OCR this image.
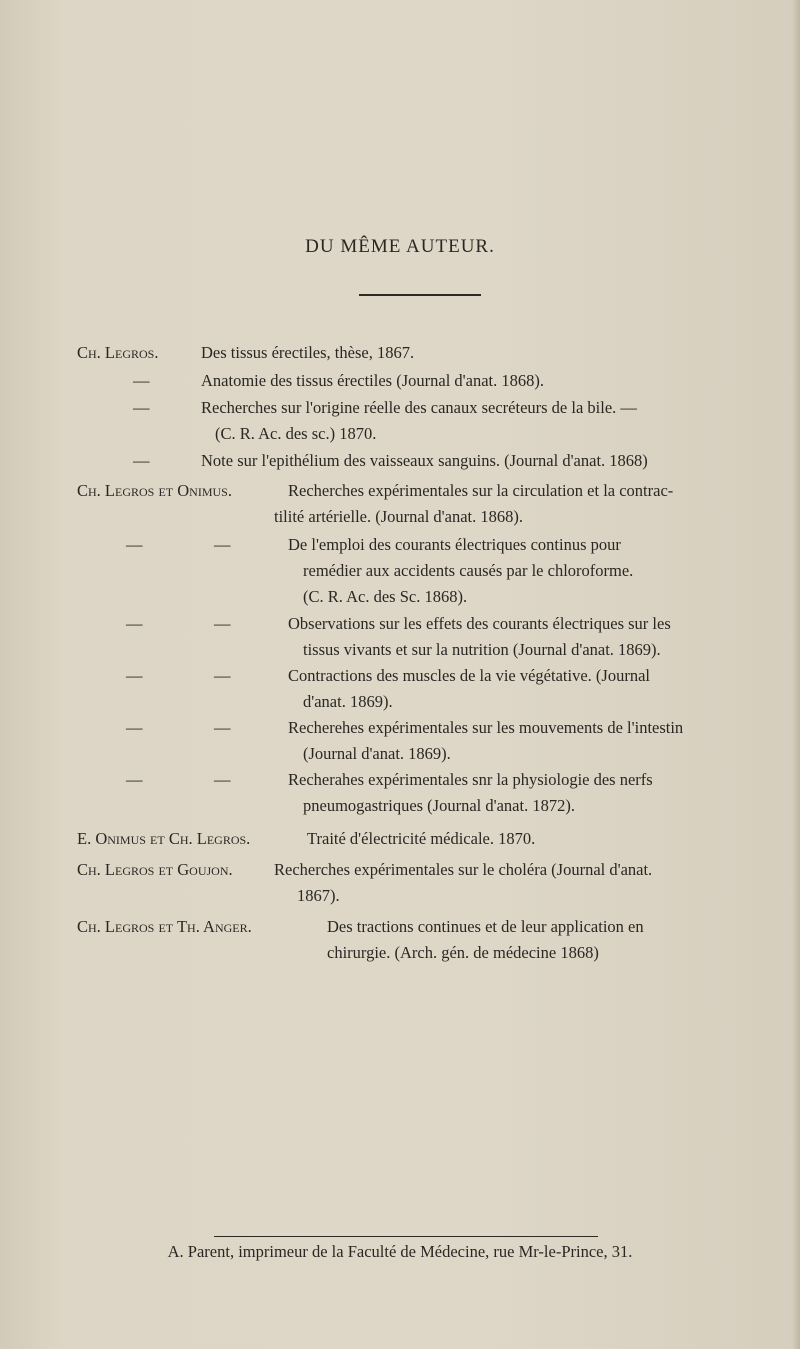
DU MÊME AUTEUR.
Ch. Legros.	Des tissus érectiles, thèse, 1867.
—	Anatomie des tissus érectiles (Journal d'anat. 1868).
—	Recherches sur l'origine réelle des canaux secréteurs de la bile. —
(C. R. Ac. des sc.) 1870.
—	Note sur l'epithélium des vaisseaux sanguins. (Journal d'anat. 1868)
Ch. Legros et Onimus.	Recherches expérimentales sur la circulation et la contrac-
tilité artérielle. (Journal d'anat. 1868).
—	—	De l'emploi des courants électriques continus pour
remédier aux accidents causés par le chloroforme.
(C. R. Ac. des Sc. 1868).
—	—	Observations sur les effets des courants électriques sur les
tissus vivants et sur la nutrition (Journal d'anat. 1869).
—	—	Contractions des muscles de la vie végétative. (Journal
d'anat. 1869).
—	—	Recherehes expérimentales sur les mouvements de l'intestin
(Journal d'anat. 1869).
—	—	Recherahes expérimentales snr la physiologie des nerfs
pneumogastriques (Journal d'anat. 1872).
E. Onimus et Ch. Legros.	Traité d'électricité médicale. 1870.
Ch. Legros et Goujon.	Recherches expérimentales sur le choléra (Journal d'anat.
1867).
Ch. Legros et Th. Anger.	Des tractions continues et de leur application en
chirurgie. (Arch. gén. de médecine 1868)
A. Parent, imprimeur de la Faculté de Médecine, rue Mr-le-Prince, 31.
